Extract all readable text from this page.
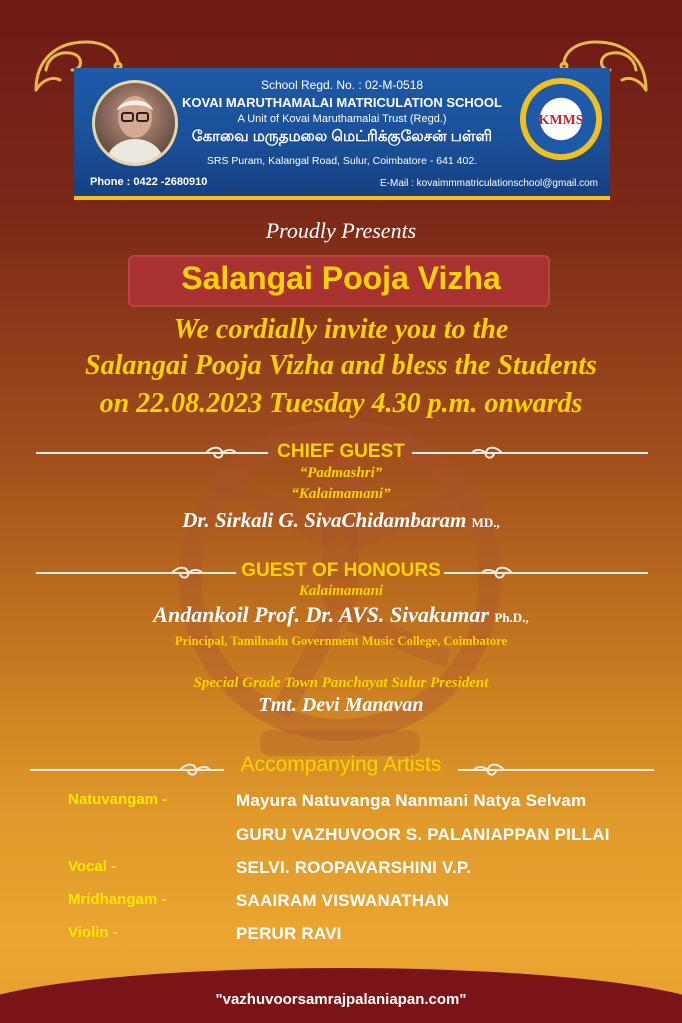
KMMS
School Regd. No. : 02-M-0518
KOVAI MARUTHAMALAI MATRICULATION SCHOOL
A Unit of Kovai Maruthamalai Trust (Regd.)
கோவை மருதமலை மெட்ரிக்குலேசன் பள்ளி
SRS Puram, Kalangal Road, Sulur, Coimbatore - 641 402.
Phone : 0422 -2680910	E-Mail : kovaimmmatriculationschool@gmail.com
Proudly Presents
Salangai Pooja Vizha
We cordially invite you to the
Salangai Pooja Vizha and bless the Students
on 22.08.2023 Tuesday 4.30 p.m. onwards
CHIEF GUEST
“Padmashri”
“Kalaimamani”
Dr. Sirkali G. SivaChidambaram MD.,
GUEST OF HONOURS
Kalaimamani
Andankoil Prof. Dr. AVS. Sivakumar Ph.D.,
Principal, Tamilnadu Government Music College, Coimbatore
Special Grade Town Panchayat Sulur President
Tmt. Devi Manavan
Accompanying Artists
Natuvangam -	Mayura Natuvanga Nanmani Natya Selvam
GURU VAZHUVOOR S. PALANIAPPAN PILLAI
Vocal -	SELVI. ROOPAVARSHINI V.P.
Mridhangam -	SAAIRAM VISWANATHAN
Violin -	PERUR RAVI
"vazhuvoorsamrajpalaniapan.com"
